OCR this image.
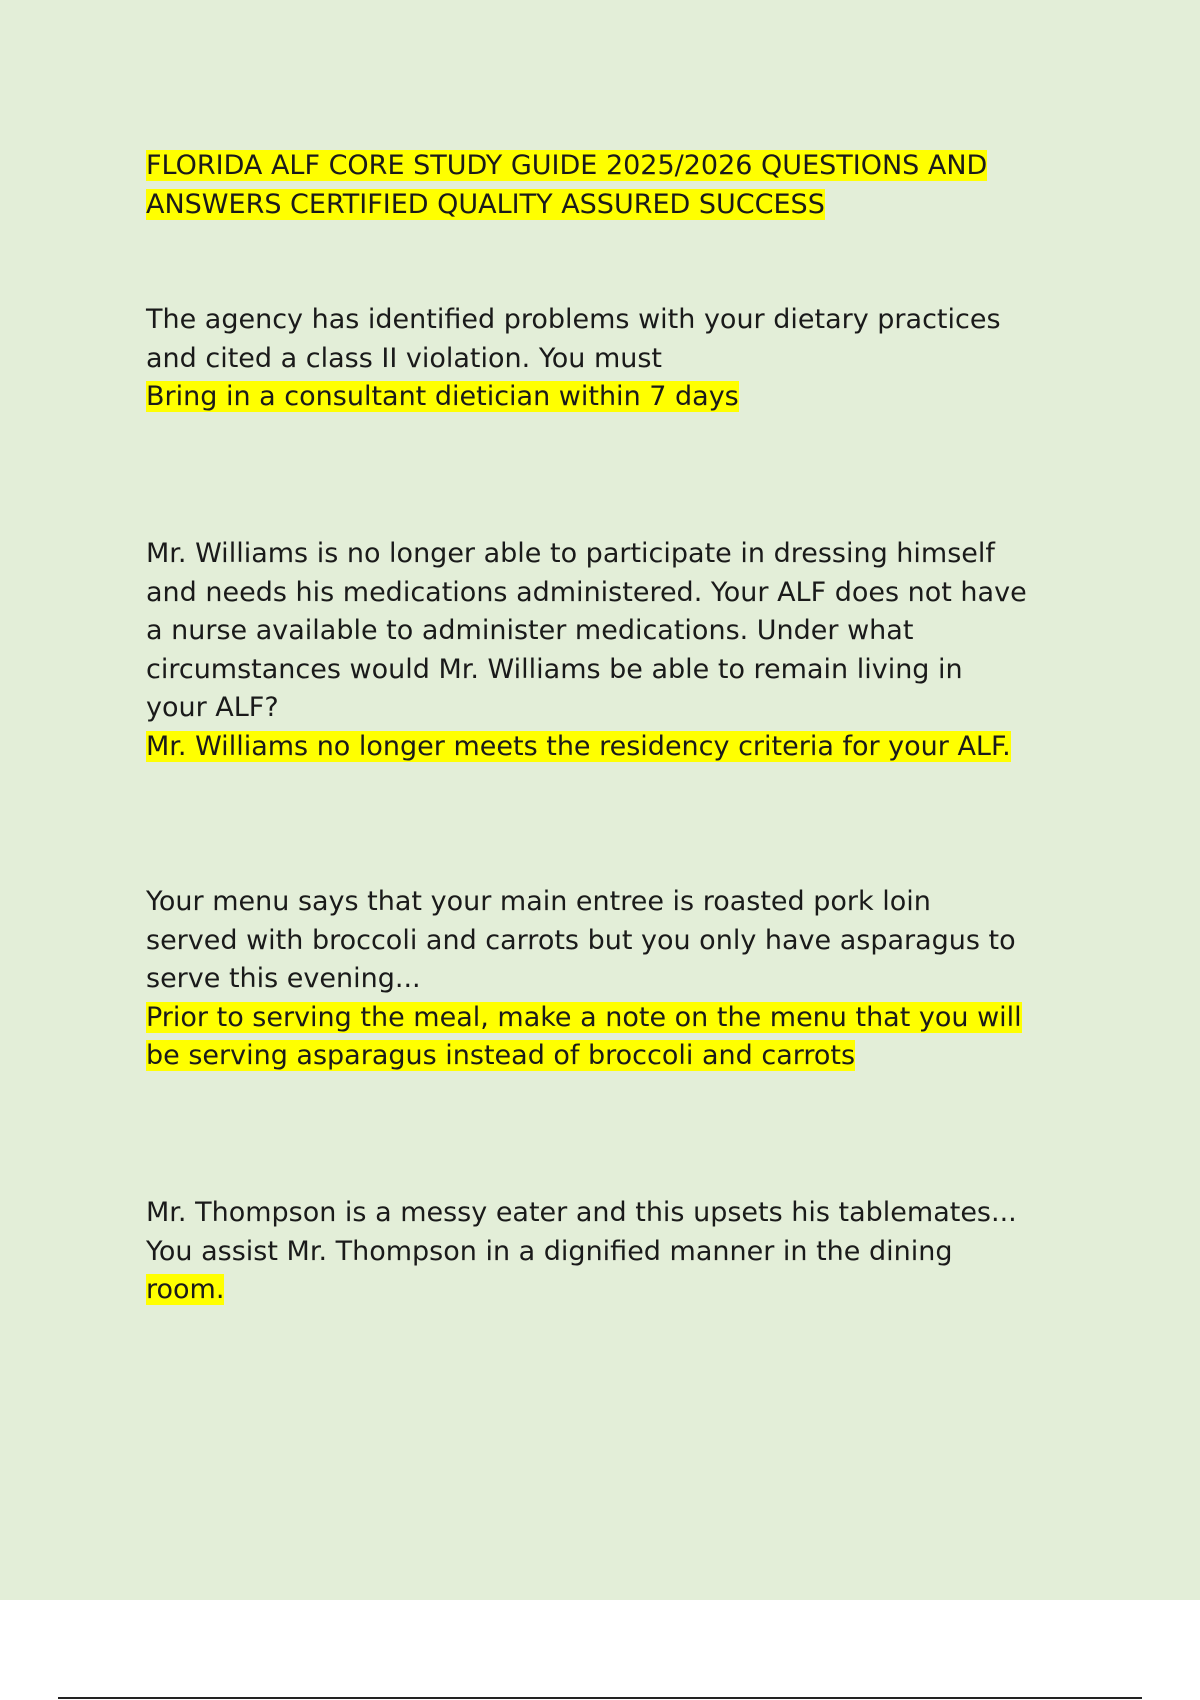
FLORIDA ALF CORE STUDY GUIDE 2025/2026 QUESTIONS AND
ANSWERS CERTIFIED QUALITY ASSURED SUCCESS
The agency has identified problems with your dietary practices
and cited a class II violation. You must
Bring in a consultant dietician within 7 days
Mr. Williams is no longer able to participate in dressing himself
and needs his medications administered. Your ALF does not have
a nurse available to administer medications. Under what
circumstances would Mr. Williams be able to remain living in
your ALF?
Mr. Williams no longer meets the residency criteria for your ALF.
Your menu says that your main entree is roasted pork loin
served with broccoli and carrots but you only have asparagus to
serve this evening...
Prior to serving the meal, make a note on the menu that you will
be serving asparagus instead of broccoli and carrots
Mr. Thompson is a messy eater and this upsets his tablemates...
You assist Mr. Thompson in a dignified manner in the dining
room.
